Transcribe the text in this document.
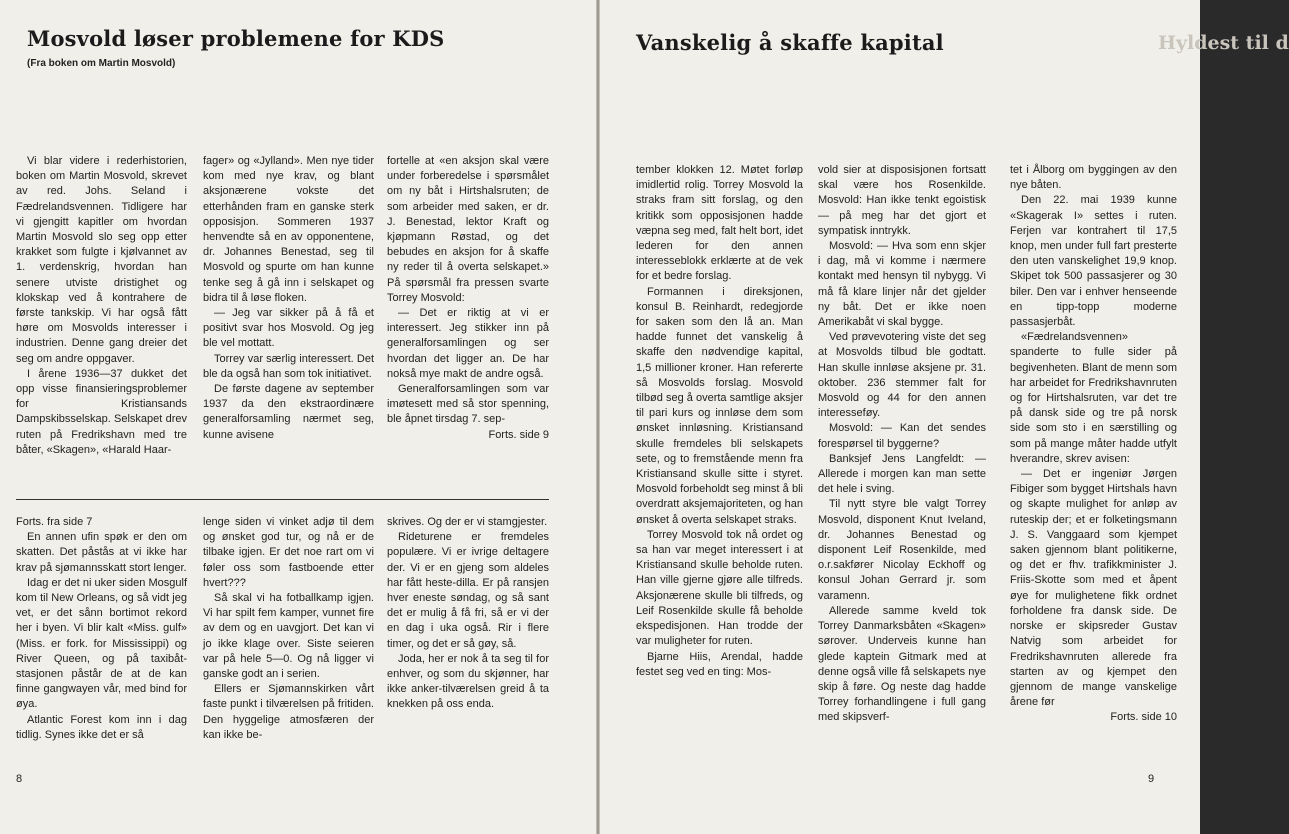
Mosvold løser problemene for KDS
(Fra boken om Martin Mosvold)

Vi blar videre i rederhistorien, boken om Martin Mosvold, skrevet av red. Johs. Seland i Fædrelandsvennen. Tidligere har vi gjengitt kapitler om hvordan Martin Mosvold slo seg opp etter krakket som fulgte i kjølvannet av 1. verdenskrig, hvordan han senere utviste dristighet og klokskap ved å kontrahere de første tankskip. Vi har også fått høre om Mosvolds interesser i industrien. Denne gang dreier det seg om andre oppgaver.

I årene 1936—37 dukket det opp visse finansieringsproblemer for Kristiansands Dampskibsselskap. Selskapet drev ruten på Fredrikshavn med tre båter, «Skagen», «Harald Haar-

fager» og «Jylland». Men nye tider kom med nye krav, og blant aksjonærene vokste det etterhånden fram en ganske sterk opposisjon. Sommeren 1937 henvendte så en av opponentene, dr. Johannes Benestad, seg til Mosvold og spurte om han kunne tenke seg å gå inn i selskapet og bidra til å løse floken.

— Jeg var sikker på å få et positivt svar hos Mosvold. Og jeg ble vel mottatt.

Torrey var særlig interessert. Det ble da også han som tok initiativet.

De første dagene av september 1937 da den ekstraordinære generalforsamling nærmet seg, kunne avisene

fortelle at «en aksjon skal være under forberedelse i spørsmålet om ny båt i Hirtshalsruten; de som arbeider med saken, er dr. J. Benestad, lektor Kraft og kjøpmann Røstad, og det bebudes en aksjon for å skaffe ny reder til å overta selskapet.» På spørsmål fra pressen svarte Torrey Mosvold:

— Det er riktig at vi er interessert. Jeg stikker inn på generalforsamlingen og ser hvordan det ligger an. De har nokså mye makt de andre også.

Generalforsamlingen som var imøtesett med så stor spenning, ble åpnet tirsdag 7. sep-

Forts. side 9

Forts. fra side 7

En annen ufin spøk er den om skatten. Det påstås at vi ikke har krav på sjømannsskatt stort lenger.

Idag er det ni uker siden Mosgulf kom til New Orleans, og så vidt jeg vet, er det sånn bortimot rekord her i byen. Vi blir kalt «Miss. gulf» (Miss. er fork. for Mississippi) og River Queen, og på taxibåt-stasjonen påstår de at de kan finne gangwayen vår, med bind for øya.

Atlantic Forest kom inn i dag tidlig. Synes ikke det er så

lenge siden vi vinket adjø til dem og ønsket god tur, og nå er de tilbake igjen. Er det noe rart om vi føler oss som fastboende etter hvert???

Så skal vi ha fotballkamp igjen. Vi har spilt fem kamper, vunnet fire av dem og en uavgjort. Det kan vi jo ikke klage over. Siste seieren var på hele 5—0. Og nå ligger vi ganske godt an i serien.

Ellers er Sjømannskirken vårt faste punkt i tilværelsen på fritiden. Den hyggelige atmosfæren der kan ikke be-

skrives. Og der er vi stamgjester.

Rideturene er fremdeles populære. Vi er ivrige deltagere der. Vi er en gjeng som aldeles har fått heste-dilla. Er på ransjen hver eneste søndag, og så sant det er mulig å få fri, så er vi der en dag i uka også. Rir i flere timer, og det er så gøy, så.

Joda, her er nok å ta seg til for enhver, og som du skjønner, har ikke anker-tilværelsen greid å ta knekken på oss enda.

8
Vanskelig å skaffe kapital	Hyldest til d

tember klokken 12. Møtet forløp imidlertid rolig. Torrey Mosvold la straks fram sitt forslag, og den kritikk som opposisjonen hadde væpna seg med, falt helt bort, idet lederen for den annen interesseblokk erklærte at de vek for et bedre forslag.

Formannen i direksjonen, konsul B. Reinhardt, redegjorde for saken som den lå an. Man hadde funnet det vanskelig å skaffe den nødvendige kapital, 1,5 millioner kroner. Han refererte så Mosvolds forslag. Mosvold tilbød seg å overta samtlige aksjer til pari kurs og innløse dem som ønsket innløsning. Kristiansand skulle fremdeles bli selskapets sete, og to fremstående menn fra Kristiansand skulle sitte i styret. Mosvold forbeholdt seg minst å bli overdratt aksjemajoriteten, og han ønsket å overta selskapet straks.

Torrey Mosvold tok nå ordet og sa han var meget interessert i at Kristiansand skulle beholde ruten. Han ville gjerne gjøre alle tilfreds. Aksjonærene skulle bli tilfreds, og Leif Rosenkilde skulle få beholde ekspedisjonen. Han trodde der var muligheter for ruten.

Bjarne Hiis, Arendal, hadde festet seg ved en ting: Mos-

vold sier at disposisjonen fortsatt skal være hos Rosenkilde. Mosvold: Han ikke tenkt egoistisk — på meg har det gjort et sympatisk inntrykk.

Mosvold: — Hva som enn skjer i dag, må vi komme i nærmere kontakt med hensyn til nybygg. Vi må få klare linjer når det gjelder ny båt. Det er ikke noen Amerikabåt vi skal bygge.

Ved prøvevotering viste det seg at Mosvolds tilbud ble godtatt. Han skulle innløse aksjene pr. 31. oktober. 236 stemmer falt for Mosvold og 44 for den annen interesseføy.

Mosvold: — Kan det sendes forespørsel til byggerne?

Banksjef Jens Langfeldt: — Allerede i morgen kan man sette det hele i sving.

Til nytt styre ble valgt Torrey Mosvold, disponent Knut Iveland, dr. Johannes Benestad og disponent Leif Rosenkilde, med o.r.sakfører Nicolay Eckhoff og konsul Johan Gerrard jr. som varamenn.

Allerede samme kveld tok Torrey Danmarksbåten «Skagen» sørover. Underveis kunne han glede kaptein Gitmark med at denne også ville få selskapets nye skip å føre. Og neste dag hadde Torrey forhandlingene i full gang med skipsverf-

tet i Ålborg om byggingen av den nye båten.

Den 22. mai 1939 kunne «Skagerak I» settes i ruten. Ferjen var kontrahert til 17,5 knop, men under full fart presterte den uten vanskelighet 19,9 knop. Skipet tok 500 passasjerer og 30 biler. Den var i enhver henseende en tipp-topp moderne passasjerbåt.

«Fædrelandsvennen» spanderte to fulle sider på begivenheten. Blant de menn som har arbeidet for Fredrikshavnruten og for Hirtshalsruten, var det tre på dansk side og tre på norsk side som sto i en særstilling og som på mange måter hadde utfylt hverandre, skrev avisen:

— Det er ingeniør Jørgen Fibiger som bygget Hirtshals havn og skapte mulighet for anløp av ruteskip der; et er folketingsmann J. S. Vanggaard som kjempet saken gjennom blant politikerne, og det er fhv. trafikkminister J. Friis-Skotte som med et åpent øye for mulighetene fikk ordnet forholdene fra dansk side. De norske er skipsreder Gustav Natvig som arbeidet for Fredrikshavnruten allerede fra starten av og kjempet den gjennom de mange vanskelige årene før

Forts. side 10

9
